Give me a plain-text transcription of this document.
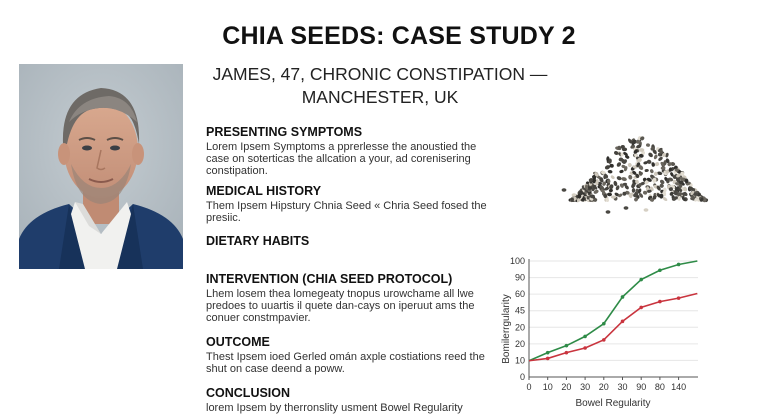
CHIA SEEDS: CASE STUDY 2
JAMES, 47, CHRONIC CONSTIPATION —
MANCHESTER, UK
PRESENTING SYMPTOMS

Lorem Ipsem Symptoms a pprerlesse the anoustied the case on soterticas the allcation a your, ad corenisering constipation.

MEDICAL HISTORY

Them Ipsem Hipstury Chnia Seed « Chria Seed fosed the presiic.

DIETARY HABITS
INTERVENTION (CHIA SEED PROTOCOL)

Lhem losem thea lomegeaty tnopus urowchame all lwe predoes to uuartis il quete dan-cays on iperuut ams the conuer constmpavier.

OUTCOME

Thest Ipsem ioed Gerled omán axple costiations reed the shut on case deend a poww.

CONCLUSION

lorem Ipsem by therronslity usment Bowel Regularity

0
10
20
20
45
60
90
100
0 10 20 30 20 30 90 80 140
Bowel Regularity
Bomilerrgularity
